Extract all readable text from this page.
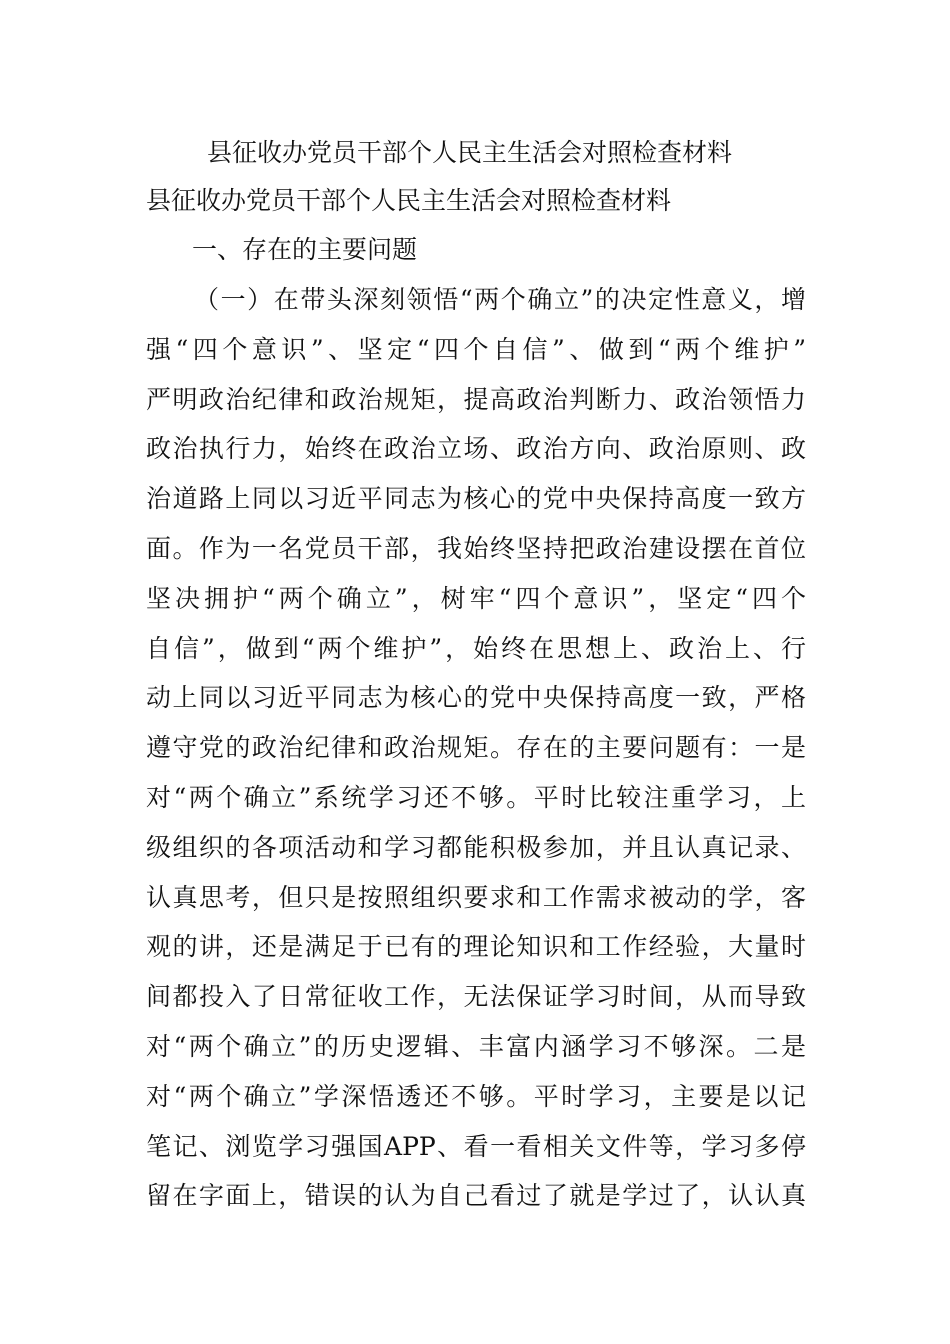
县征收办党员干部个人民主生活会对照检查材料
县征收办党员干部个人民主生活会对照检查材料
一、存在的主要问题
（一）在带头深刻领悟“两个确立”的决定性意义，增
强“四个意识”、坚定“四个自信”、做到“两个维护”
严明政治纪律和政治规矩，提高政治判断力、政治领悟力
政治执行力，始终在政治立场、政治方向、政治原则、政
治道路上同以习近平同志为核心的党中央保持高度一致方
面。作为一名党员干部，我始终坚持把政治建设摆在首位
坚决拥护“两个确立”，树牢“四个意识”，坚定“四个
自信”，做到“两个维护”，始终在思想上、政治上、行
动上同以习近平同志为核心的党中央保持高度一致，严格
遵守党的政治纪律和政治规矩。存在的主要问题有：一是
对“两个确立”系统学习还不够。平时比较注重学习，上
级组织的各项活动和学习都能积极参加，并且认真记录、
认真思考，但只是按照组织要求和工作需求被动的学，客
观的讲，还是满足于已有的理论知识和工作经验，大量时
间都投入了日常征收工作，无法保证学习时间，从而导致
对“两个确立”的历史逻辑、丰富内涵学习不够深。二是
对“两个确立”学深悟透还不够。平时学习，主要是以记
笔记、浏览学习强国APP、看一看相关文件等，学习多停
留在字面上，错误的认为自己看过了就是学过了，认认真
